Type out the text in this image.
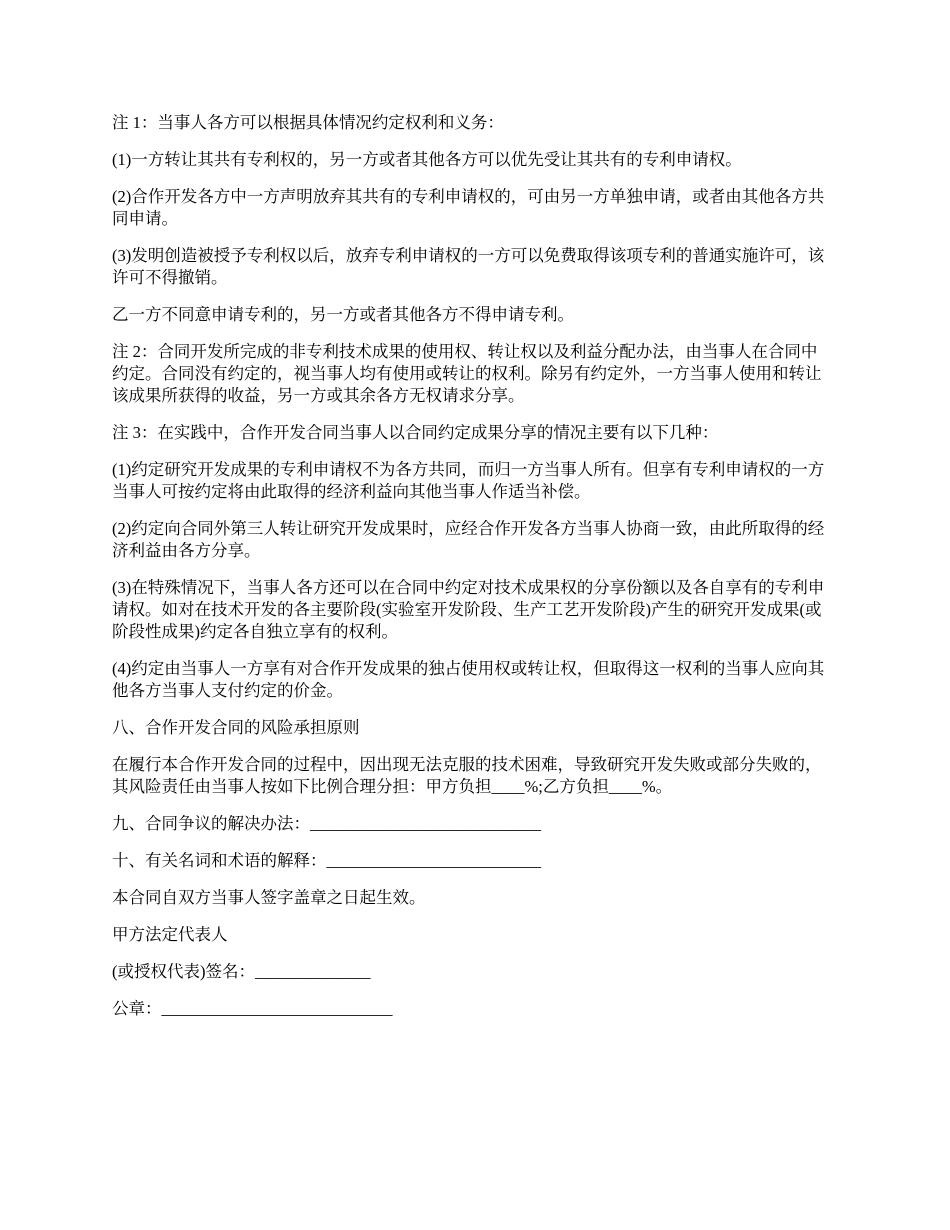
注 1：当事人各方可以根据具体情况约定权利和义务：

(1)一方转让其共有专利权的，另一方或者其他各方可以优先受让其共有的专利申请权。

(2)合作开发各方中一方声明放弃其共有的专利申请权的，可由另一方单独申请，或者由其他各方共同申请。

(3)发明创造被授予专利权以后，放弃专利申请权的一方可以免费取得该项专利的普通实施许可，该许可不得撤销。

乙一方不同意申请专利的，另一方或者其他各方不得申请专利。

注 2：合同开发所完成的非专利技术成果的使用权、转让权以及利益分配办法，由当事人在合同中约定。合同没有约定的，视当事人均有使用或转让的权利。除另有约定外，一方当事人使用和转让该成果所获得的收益，另一方或其余各方无权请求分享。

注 3：在实践中，合作开发合同当事人以合同约定成果分享的情况主要有以下几种：

(1)约定研究开发成果的专利申请权不为各方共同，而归一方当事人所有。但享有专利申请权的一方当事人可按约定将由此取得的经济利益向其他当事人作适当补偿。

(2)约定向合同外第三人转让研究开发成果时，应经合作开发各方当事人协商一致，由此所取得的经济利益由各方分享。

(3)在特殊情况下，当事人各方还可以在合同中约定对技术成果权的分享份额以及各自享有的专利申请权。如对在技术开发的各主要阶段(实验室开发阶段、生产工艺开发阶段)产生的研究开发成果(或阶段性成果)约定各自独立享有的权利。

(4)约定由当事人一方享有对合作开发成果的独占使用权或转让权，但取得这一权利的当事人应向其他各方当事人支付约定的价金。

八、合作开发合同的风险承担原则

在履行本合作开发合同的过程中，因出现无法克服的技术困难，导致研究开发失败或部分失败的，其风险责任由当事人按如下比例合理分担：甲方负担____%;乙方负担____%。

九、合同争议的解决办法：____________________________

十、有关名词和术语的解释：__________________________

本合同自双方当事人签字盖章之日起生效。

甲方法定代表人

(或授权代表)签名：______________

公章：____________________________
